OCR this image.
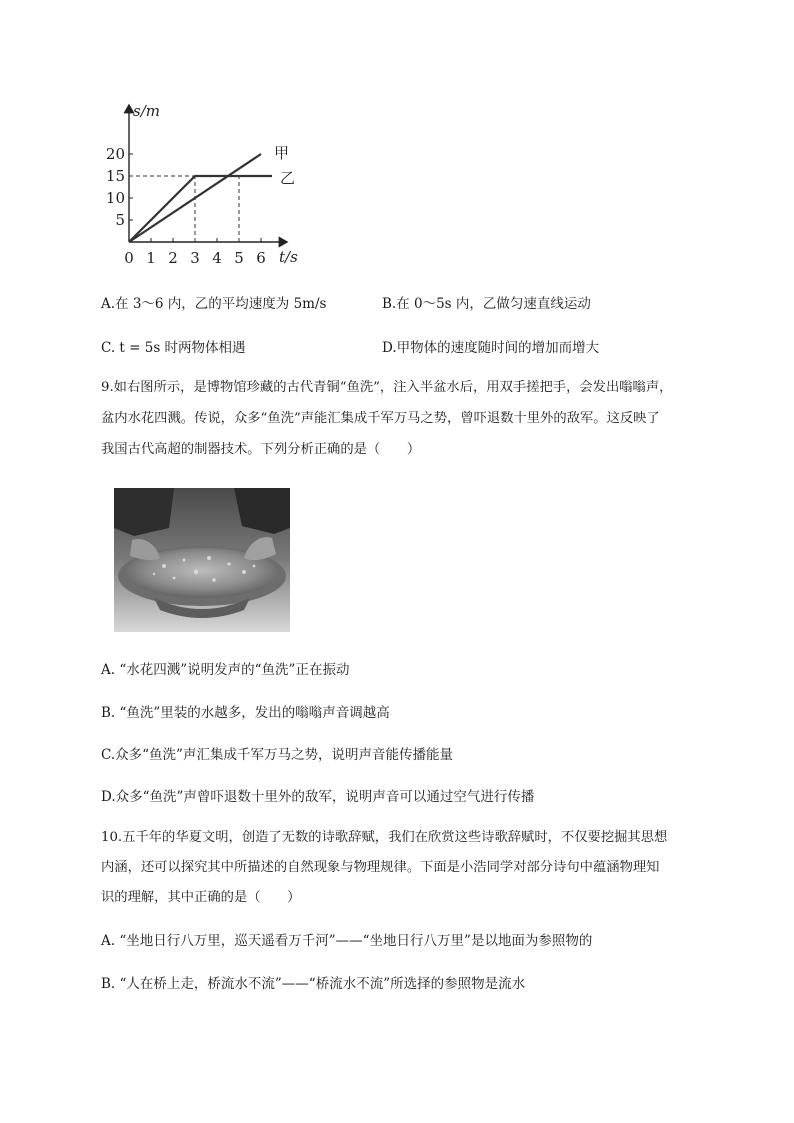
20
15
10
5
0 1 2 3 4 5 6
s/m
t/s
甲
乙
A.在 3～6 内，乙的平均速度为 5m/s	B.在 0～5s 内，乙做匀速直线运动
C. t = 5s 时两物体相遇	D.甲物体的速度随时间的增加而增大
9.如右图所示，是博物馆珍藏的古代青铜“鱼洗”，注入半盆水后，用双手搓把手，会发出嗡嗡声，
盆内水花四溅。传说，众多“鱼洗”声能汇集成千军万马之势，曾吓退数十里外的敌军。这反映了
我国古代高超的制器技术。下列分析正确的是（　　）
A. “水花四溅”说明发声的“鱼洗”正在振动
B. “鱼洗”里装的水越多，发出的嗡嗡声音调越高
C.众多“鱼洗”声汇集成千军万马之势，说明声音能传播能量
D.众多“鱼洗”声曾吓退数十里外的敌军，说明声音可以通过空气进行传播
10.五千年的华夏文明，创造了无数的诗歌辞赋，我们在欣赏这些诗歌辞赋时，不仅要挖掘其思想
内涵，还可以探究其中所描述的自然现象与物理规律。下面是小浩同学对部分诗句中蕴涵物理知
识的理解，其中正确的是（　　）
A. “坐地日行八万里，巡天遥看万千河”——“坐地日行八万里”是以地面为参照物的
B. “人在桥上走，桥流水不流”——“桥流水不流”所选择的参照物是流水
